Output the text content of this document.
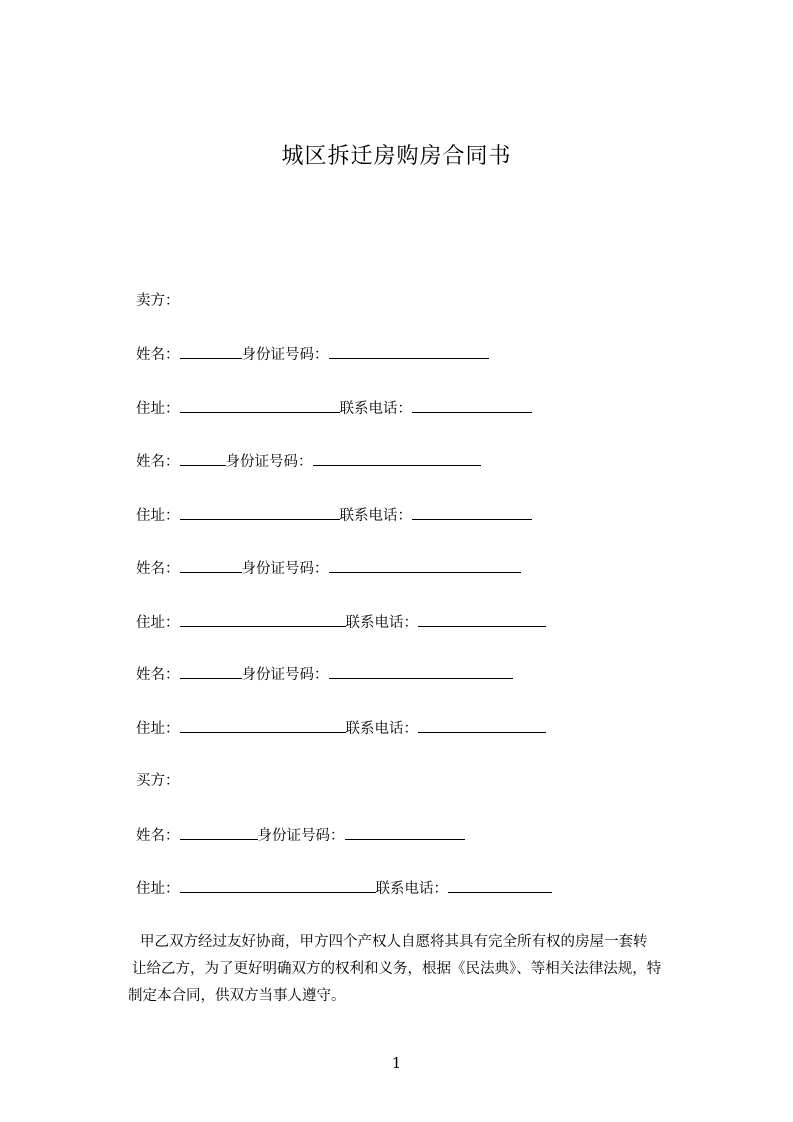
城区拆迁房购房合同书
卖方：
姓名：	身份证号码：
住址：	联系电话：
姓名：	身份证号码：
住址：	联系电话：
姓名：	身份证号码：
住址：	联系电话：
姓名：	身份证号码：
住址：	联系电话：
买方：
姓名：	身份证号码：
住址：	联系电话：
甲乙双方经过友好协商，甲方四个产权人自愿将其具有完全所有权的房屋一套转
让给乙方，为了更好明确双方的权利和义务，根据《民法典》、等相关法律法规，特
制定本合同，供双方当事人遵守。
1
